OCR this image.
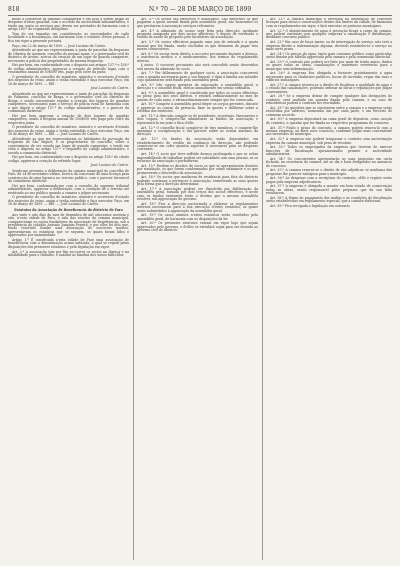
818	N.º 70 — 28 DE MARÇO DE 1899

modo a conservar as guardas compatíveis e em acto a serem pagas as despezas d'estas guardas, com o accordo da auctoridade administrativa, e tendo em conta os serviços que devem ser prestados de harmonia com o artigo 140.º do regimento disciplinar.

Tem de ser tomadas em consideração as necessidades de cada localidade e a fiscalização, em harmonia com o estatuto d'esse pessoal, e fica em vigor a presente portaria.

Paço, em 22 de março de 1899. — José Luciano de Castro.

Attendendo ao que me representaram a junta de parochia da freguezia de Oliveira de Azemeis, concelho do mesmo nome, e o governador civil do districto de Aveiro, acerca da creação de um logar de guarda campestre, necessario á policia das propriedades da mesma freguezia:

Hei por bem, em conformidade com o disposto nos artigos 157.º e 158.º do codigo administrativo, approvar a creação do referido logar, com o vencimento annual de 50$000 réis, pago pelo cofre da junta.

O presidente do conselho de ministros, ministro e secretario d'estado dos negocios do reino, assim o tenha entendido e faça executar. Paço, em 16 de março de 1899. — REI.

José Luciano de Castro.

Attendendo ao que me representaram a junta de parochia da freguezia de Palmeira, concelho de Braga, e o governador civil do districto de Braga, e sendo conveniente regular a creação dos logares de guardas campestres, necessarios para o serviço de policia rural de harmonia com o que dispõe o artigo 157.º do codigo administrativo, e o parecer da commissão districtal:

Hei por bem approvar a creação de dois logares de guardas campestres, sendo a despeza annual de 100$000 réis paga pelo cofre da respectiva junta.

O presidente do conselho de ministros, ministro e secretario d'estado dos negocios do reino, assim o tenha entendido e faça executar. Paço, em 16 de março de 1899. — REI. — José Luciano de Castro.

Attendendo ao que me representaram os habitantes da povoação da freguezia de São Miguel, e os proprietarios do concelho, sobre a conveniencia de ser creado um logar de guarda campestre, e tendo em vista o disposto no artigo 157.º e seguintes do codigo administrativo, e ouvida a commissão districtal:

Hei por bem, em conformidade com o disposto no artigo 158.º do citado codigo, approvar a creação do referido logar.

José Luciano de Castro.

Sendo-me presente a deliberação da camara municipal do concelho de Faro, de 24 de novembro ultimo, ácerca da concessão de uma licença para construcção de uma barraca no terreno publico, com o parecer favoravel da commissão districtal:

Hei por bem, conformando-me com a consulta do supremo tribunal administrativo, approvar a deliberação, com a condição de o terreno ser restituido ao uso publico quando a camara o julgue necessario.

O presidente do conselho de ministros, ministro e secretario d'estado dos negocios do reino, assim o tenha entendido e faça executar. Paço, em 16 de março de 1899. — REI. — José Luciano de Castro.

Estatutos da Associação de Beneficencia do districto de Faro

Aos vinte e oito dias do mez de dezembro de mil oitocentos noventa e oito, n'esta cidade de Faro, e sala das sessões da camara municipal, compareceram os socios fundadores da associação de beneficencia, sob a presidencia do cidadão Antonio Joaquim Pereira, e por elles foi dito que, tendo resolvido fundar uma associação de soccorros mutuos, apresentavam os estatutos que se seguem, os quaes foram lidos e approvados por unanimidade.

Artigo 1.º É constituida n'esta cidade de Faro uma associação de beneficencia com a denominação acima indicada, a qual se regerá pelas disposições dos presentes estatutos e pela legislação em vigor.

Art. 2.º A associação tem por fim soccorrer os socios na doença e na inhabilidade para o trabalho, e auxiliar as familias dos socios fallecidos.

Art. 3.º Os socios são effectivos e honorarios. São effectivos os que pagarem a quota mensal fixada pela assembléa geral; são honorarios os que prestarem á associação serviços relevantes.

Art. 4.º A admissão de socios será feita pela direcção, mediante proposta assignada por dois socios effectivos, e depois de verificado o estado de saude do proposto pelo facultativo da associação.

Art. 5.º Os socios effectivos pagarão uma joia de entrada e a quota mensal que for fixada, sendo excluidos os que deixarem de pagar tres mezes consecutivos.

Art. 6.º Os socios teem direito a soccorro pecuniario durante a doença, a assistencia medica e a medicamentos, nos termos do regulamento interno.

§ unico. O soccorro pecuniario não será concedido senão decorridos seis mezes da admissão do socio.

Art. 7.º Por fallecimento de qualquer socio, a associação concorrerá com a quantia necessaria para o seu funeral, e dará á familia um subsidio cujo quantitativo será fixado pela assembléa geral.

Art. 8.º São corpos gerentes da associação a assembléa geral, a direcção e o conselho fiscal, eleitos annualmente em sessão ordinaria.

Art. 9.º A assembléa geral é constituida por todos os socios effectivos no pleno gozo dos seus direitos, e reunirá ordinariamente no mez de janeiro de cada anno, e extraordinariamente sempre que for convocada.

Art. 10.º Compete á assembléa geral eleger os corpos gerentes, discutir e approvar as contas da gerencia, fixar as quotas e deliberar sobre a reforma dos estatutos.

Art. 11.º A direcção compõe-se de presidente, secretario, thesoureiro e dois vogaes, e compete-lhe administrar os fundos da associação e representá-la em juizo e fóra d'elle.

Art. 12.º O conselho fiscal compõe-se de tres membros, e compete-lhe examinar a escripturação e dar parecer sobre as contas annuaes da direcção.

Art. 13.º Os fundos da associação serão depositados em estabelecimento de credito da confiança da direcção, não podendo conservar-se em cofre quantia superior á necessaria para as despezas correntes.

Art. 14.º O socio que tiver soffrido doença prolongada e que se achar impossibilitado de trabalhar poderá ser subsidiado com uma pensão, se os recursos da associação o permittirem.

Art. 15.º Perdem os direitos de socio os que se apresentarem doentes por simulação, os que forem condemnados por crime infamante e os que promoverem o descredito da associação.

Art. 16.º Os socios que mudarem de residencia para fóra do districto poderão continuar a pertencer á associação, remettendo as suas quotas pela fórma que a direcção determinar.

Art. 17.º A associação poderá ser dissolvida por deliberação da assembléa geral, tomada por dois terços dos socios effectivos, e neste caso os fundos existentes terão o destino que a mesma assembléa resolver, sob approvação do governo.

Art. 18.º Fica a direcção auctorisada a elaborar os regulamentos internos necessarios para a boa execução d'estes estatutos, os quaes serão submettidos á approvação da assembléa geral.

Art. 19.º Os casos omissos n'estes estatutos serão resolvidos pela assembléa geral, de harmonia com as disposições da lei.

Art. 20.º Os presentes estatutos entram em vigor logo que sejam approvados pelo governo, e d'elles se extrahirá copia para ser enviada ao governo civil do districto.

Art. 21.º A camara municipal é investida na attribuição de conceder licenças para obras e construcções dentro dos limites da cidade, de harmonia com os regulamentos em vigor, e fará executar as posturas municipaes.

Art. 22.º O abastecimento de agua á povoação ficará a cargo da camara, que poderá contratar com qualquer empreza a canalisação e distribuição, mediante concurso publico.

Art. 23.º Em caso de força maior, ou de interrupção do serviço, não terá a empreza direito a indemnisação alguma, devendo restabelecer o serviço no mais curto praso.

Art. 24.º Os preços da agua, tanto para consumo publico como particular, serão fixados por tabella approvada pela camara e pela commissão districtal.

Art. 25.º O contrato não poderá ser feito por mais de trinta annos, findos os quaes todas as obras, canalisações e materiaes reverterão para o municipio sem indemnisação.

Art. 26.º A empreza fica obrigada a fornecer gratuitamente a agua necessaria para os chafarizes publicos, bocas de incendio, regas das ruas e edificios municipaes.

Art. 27.º A camara reserva-se o direito de fiscalisar a qualidade da agua e o estado das canalisações, podendo ordenar as obras e reparações que julgar convenientes.

Art. 28.º Se a empreza deixar de cumprir qualquer das obrigações do contrato, será multada em quantia fixada pela camara, e no caso de reincidencia poderá o contrato ser rescindido.

Art. 29.º As questões que se suscitarem entre a camara e a empreza serão resolvidas por arbitros, nomeados um por cada parte, e um terceiro de commum accordo.

Art. 30.º A empreza depositará na caixa geral de depositos, como caução do contrato, a quantia que for fixada no respectivo programma de concurso.

Art. 31.º Findo o praso do contrato, a camara poderá renova-lo com a mesma empreza, ou abrir novo concurso, conforme julgar mais conveniente aos interesses do municipio.

Art. 32.º A empreza não poderá traspassar o contrato sem auctorisação expressa da camara municipal, sob pena de rescisão.

Art. 33.º Todos os empregados da empreza que tiverem de exercer funcções de fiscalisação ajuramentados perante a auctoridade administrativa.

Art. 34.º Os concorrentes apresentarão as suas propostas em carta fechada, na secretaria da camara, até ao dia e hora designados no annuncio do concurso.

Art. 35.º A camara reserva-se o direito de não adjudicar, se nenhuma das propostas lhe parecer vantajosa para o municipio.

Art. 36.º As despezas com a escriptura do contrato, sêllo e registo serão pagas pela empreza adjudicataria.

Art. 37.º A empreza é obrigada a manter em bom estado de conservação todas as obras, sendo responsavel pelos prejuizos que da sua falta resultarem.

Art. 38.º A fórma do pagamento das multas e as condições de fiscalisação serão estabelecidas em regulamento especial, que a camara elaborará.

Art. 39.º Fica revogada a legislação em contrario.
